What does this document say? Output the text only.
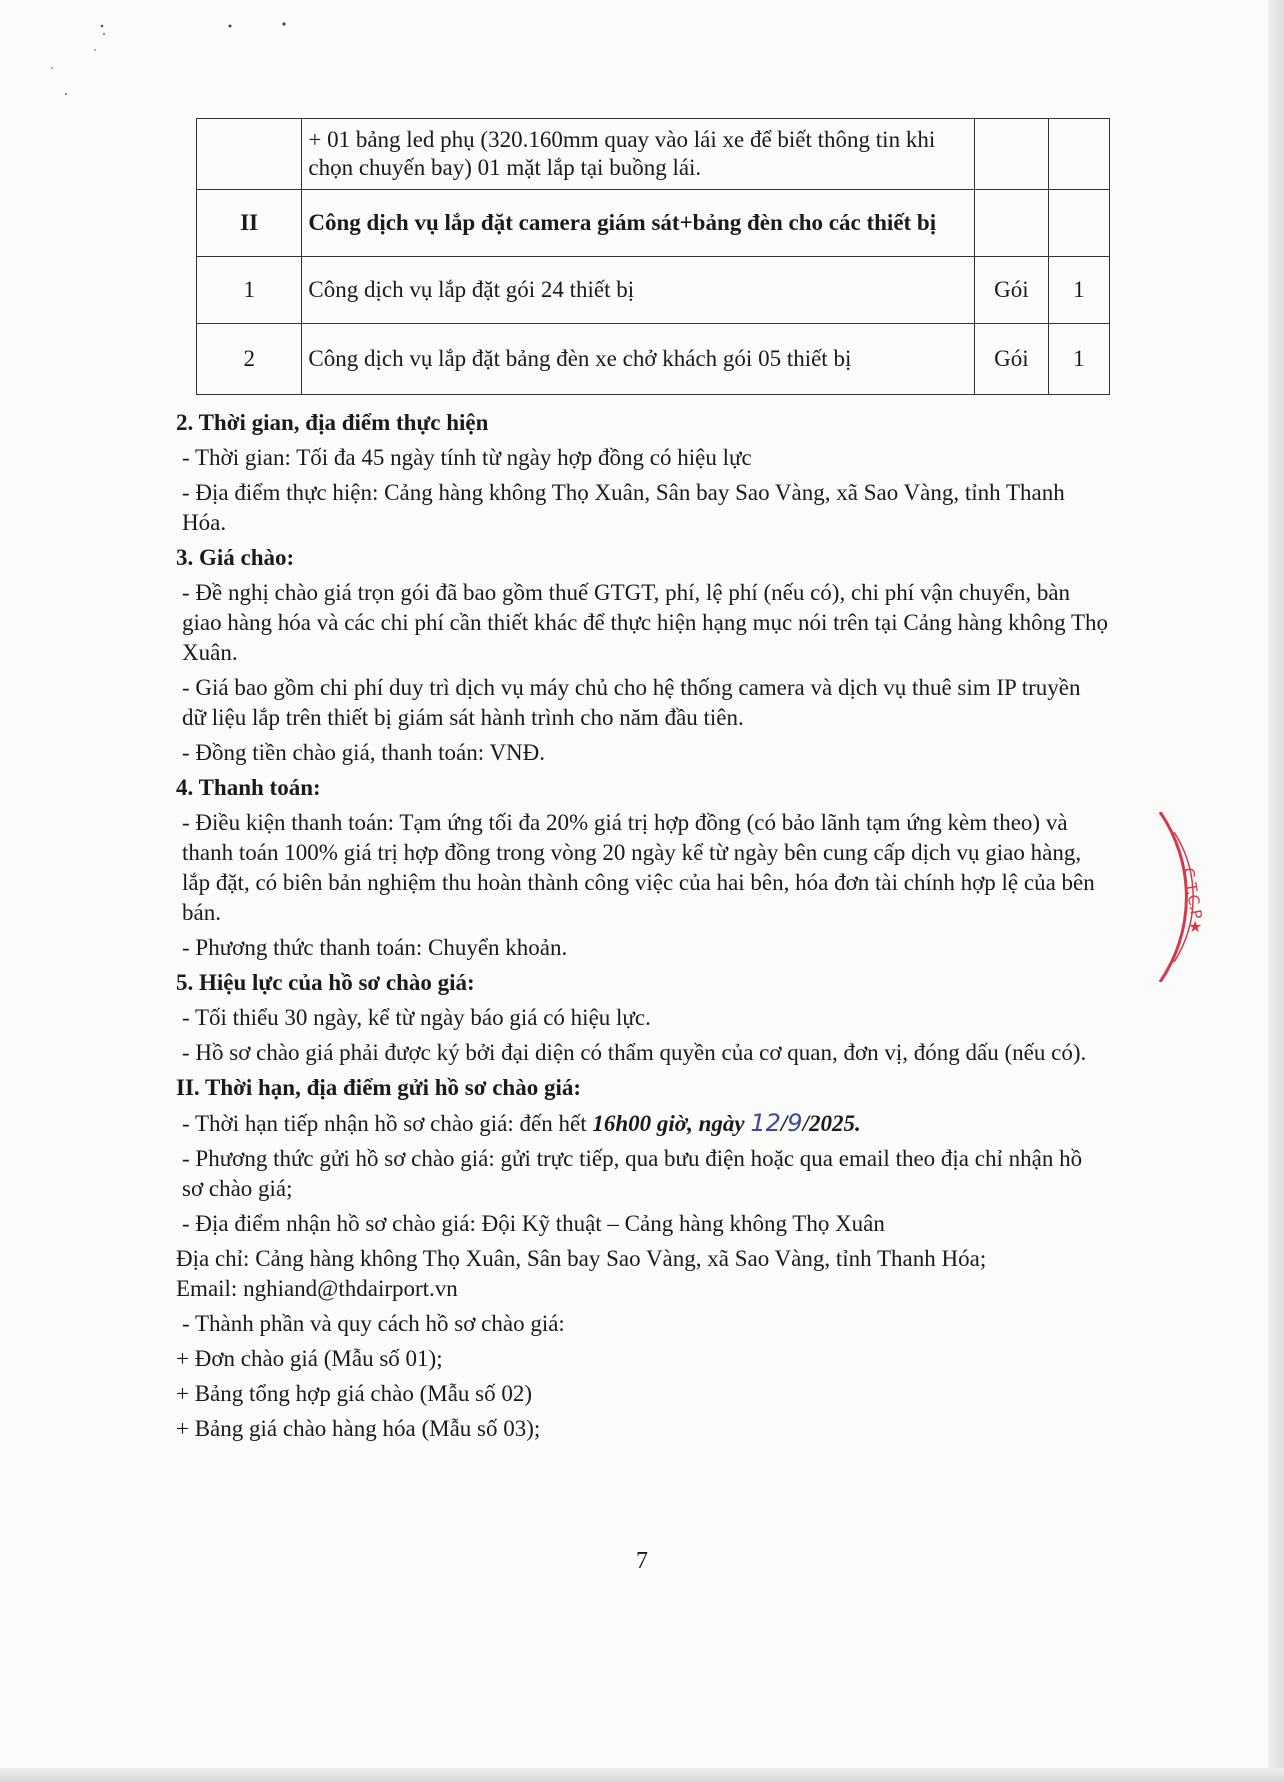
	+ 01 bảng led phụ (320.160mm quay vào lái xe để biết thông tin khi chọn chuyến bay) 01 mặt lắp tại buồng lái.		
II	Công dịch vụ lắp đặt camera giám sát+bảng đèn cho các thiết bị		
1	Công dịch vụ lắp đặt gói 24 thiết bị	Gói	1
2	Công dịch vụ lắp đặt bảng đèn xe chở khách gói 05 thiết bị	Gói	1

2. Thời gian, địa điểm thực hiện

- Thời gian: Tối đa 45 ngày tính từ ngày hợp đồng có hiệu lực

- Địa điểm thực hiện: Cảng hàng không Thọ Xuân, Sân bay Sao Vàng, xã Sao Vàng, tỉnh Thanh Hóa.

3. Giá chào:

- Đề nghị chào giá trọn gói đã bao gồm thuế GTGT, phí, lệ phí (nếu có), chi phí vận chuyển, bàn giao hàng hóa và các chi phí cần thiết khác để thực hiện hạng mục nói trên tại Cảng hàng không Thọ Xuân.

- Giá bao gồm chi phí duy trì dịch vụ máy chủ cho hệ thống camera và dịch vụ thuê sim IP truyền dữ liệu lắp trên thiết bị giám sát hành trình cho năm đầu tiên.

- Đồng tiền chào giá, thanh toán: VNĐ.

4. Thanh toán:

- Điều kiện thanh toán: Tạm ứng tối đa 20% giá trị hợp đồng (có bảo lãnh tạm ứng kèm theo) và thanh toán 100% giá trị hợp đồng trong vòng 20 ngày kể từ ngày bên cung cấp dịch vụ giao hàng, lắp đặt, có biên bản nghiệm thu hoàn thành công việc của hai bên, hóa đơn tài chính hợp lệ của bên bán.

- Phương thức thanh toán: Chuyển khoản.

5. Hiệu lực của hồ sơ chào giá:

- Tối thiểu 30 ngày, kể từ ngày báo giá có hiệu lực.

- Hồ sơ chào giá phải được ký bởi đại diện có thẩm quyền của cơ quan, đơn vị, đóng dấu (nếu có).

II. Thời hạn, địa điểm gửi hồ sơ chào giá:

- Thời hạn tiếp nhận hồ sơ chào giá: đến hết 16h00 giờ, ngày 12/9/2025.

- Phương thức gửi hồ sơ chào giá: gửi trực tiếp, qua bưu điện hoặc qua email theo địa chỉ nhận hồ sơ chào giá;

- Địa điểm nhận hồ sơ chào giá: Đội Kỹ thuật – Cảng hàng không Thọ Xuân

Địa chỉ: Cảng hàng không Thọ Xuân, Sân bay Sao Vàng, xã Sao Vàng, tỉnh Thanh Hóa;

Email: nghiand@thdairport.vn

- Thành phần và quy cách hồ sơ chào giá:

+ Đơn chào giá (Mẫu số 01);

+ Bảng tổng hợp giá chào (Mẫu số 02)

+ Bảng giá chào hàng hóa (Mẫu số 03);

7
.C.T.C.P
★
